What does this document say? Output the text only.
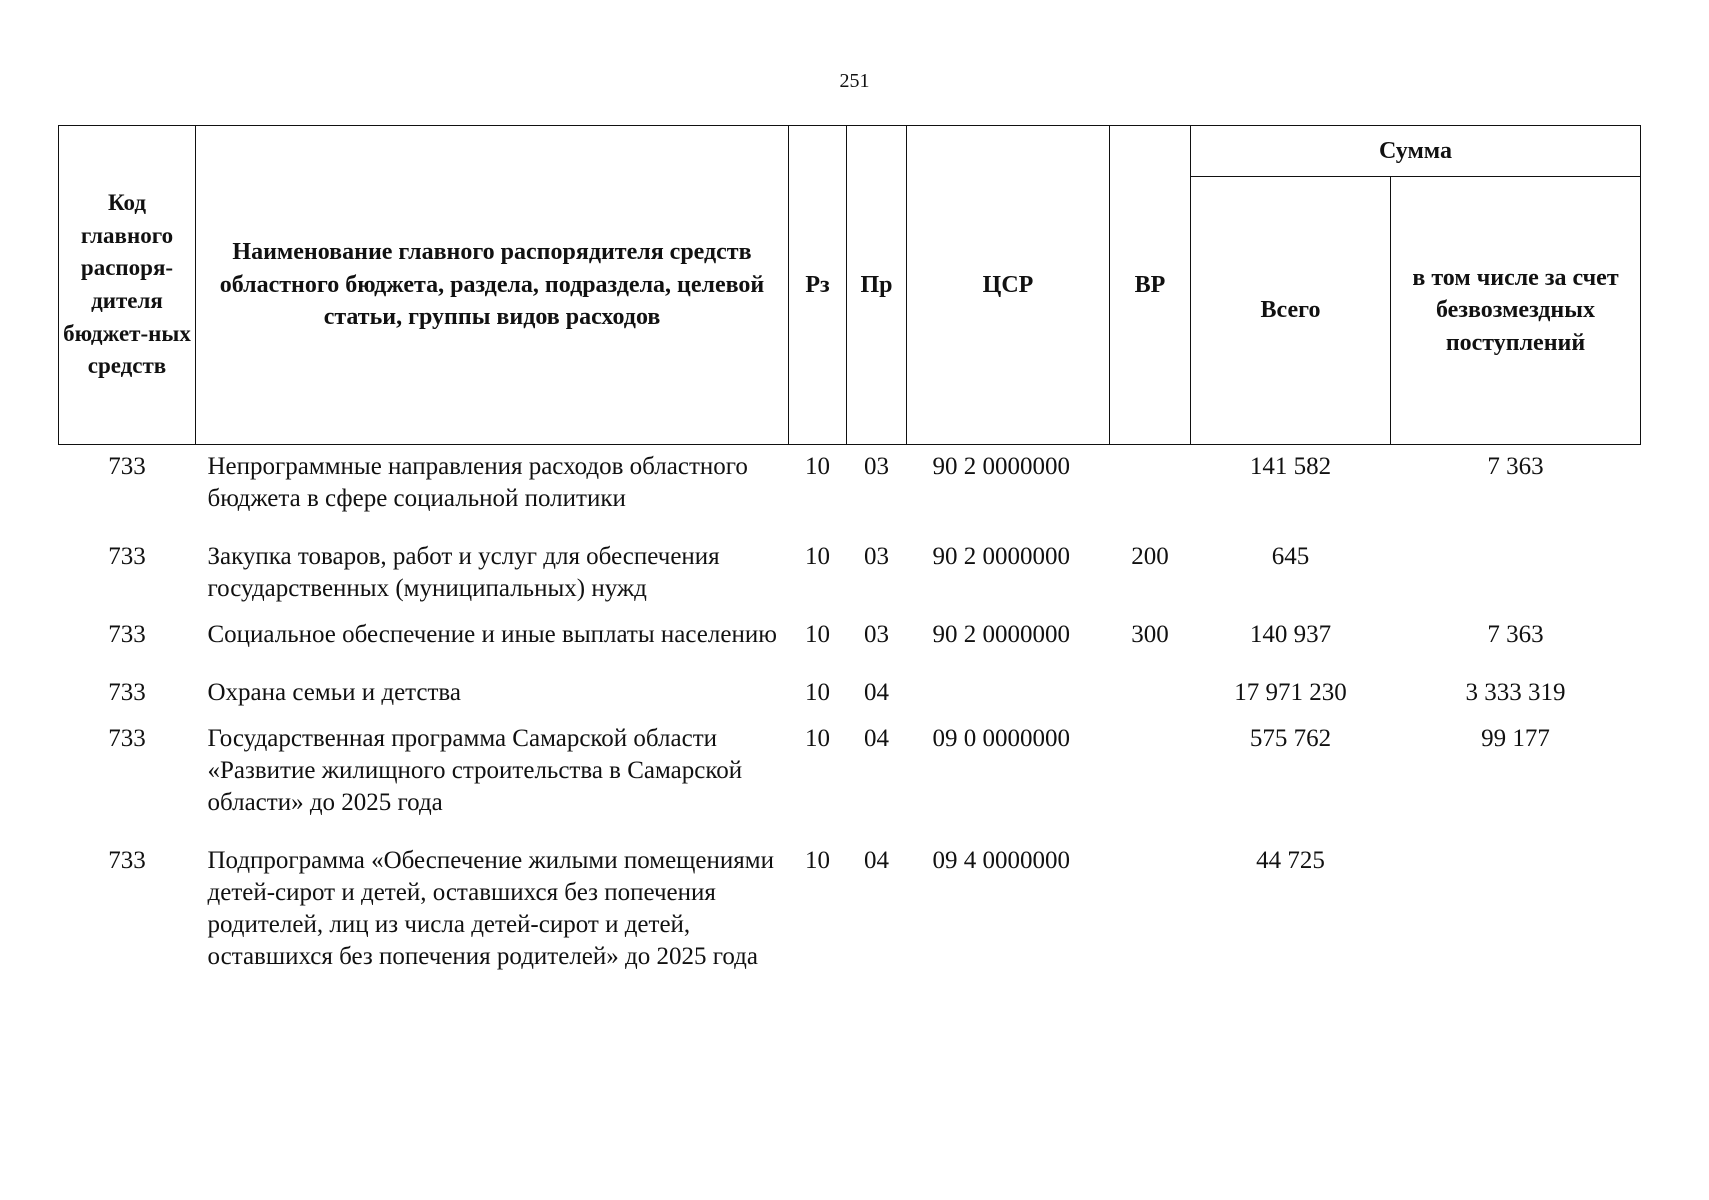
251
Код главного распоря-дителя бюджет-ных средств	Наименование главного распорядителя средств областного бюджета, раздела, подраздела, целевой статьи, группы видов расходов	Рз	Пр	ЦСР	ВР	Сумма	
						Всего	в том числе за счет безвозмездных поступлений
733	Непрограммные направления расходов областного бюджета в сфере социальной политики	10	03	90 2 0000000		141 582	7 363
733	Закупка товаров, работ и услуг для обеспечения государственных (муниципальных) нужд	10	03	90 2 0000000	200	645	
733	Социальное обеспечение и иные выплаты населению	10	03	90 2 0000000	300	140 937	7 363
733	Охрана семьи и детства	10	04			17 971 230	3 333 319
733	Государственная программа Самарской области «Развитие жилищного строительства в Самарской области» до 2025 года	10	04	09 0 0000000		575 762	99 177
733	Подпрограмма «Обеспечение жилыми помещениями детей-сирот и детей, оставшихся без попечения родителей, лиц из числа детей-сирот и детей, оставшихся без попечения родителей» до 2025 года	10	04	09 4 0000000		44 725	
